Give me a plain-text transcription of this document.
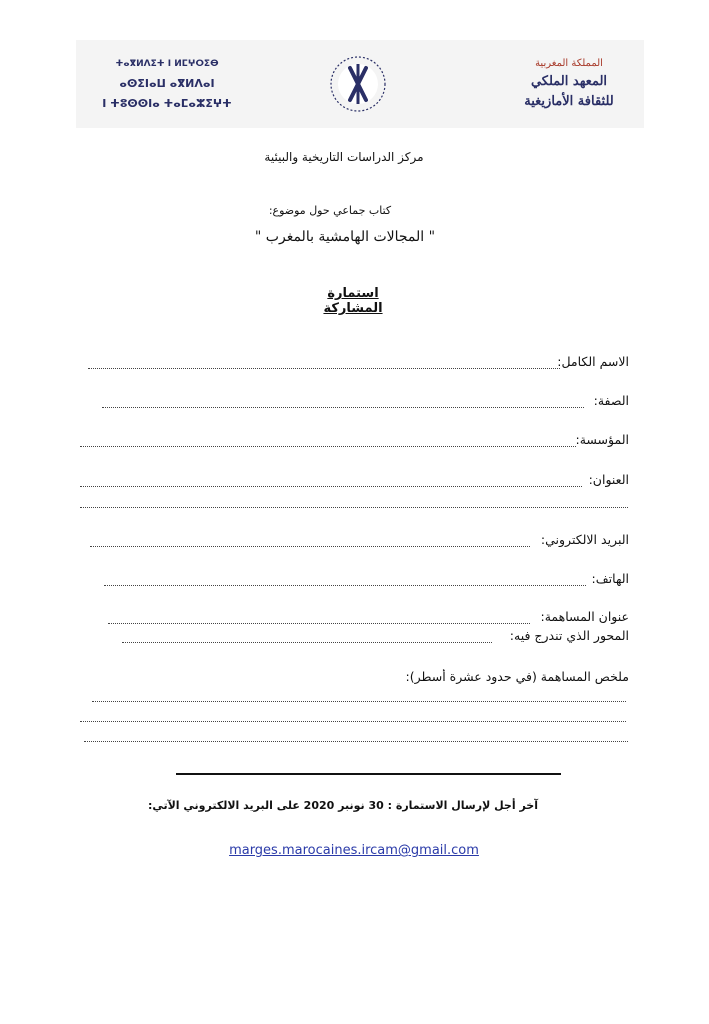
ⵜⴰⴳⵍⴷⵉⵜ ⵏ ⵍⵎⵖⵔⵉⴱ
ⴰⵙⵉⵏⴰⵡ ⴰⴳⵍⴷⴰⵏ
ⵏ ⵜⵓⵙⵙⵏⴰ ⵜⴰⵎⴰⵣⵉⵖⵜ
المملكة المغربية
المعهد الملكي
للثقافة الأمازيغية
مركز الدراسات التاريخية والبيئية
كتاب جماعي حول موضوع:
" المجالات الهامشية بالمغرب "
استمارة المشاركة
الاسم الكامل:
الصفة:
المؤسسة:
العنوان:
البريد الالكتروني:
الهاتف:
عنوان المساهمة:
المحور الذي تندرج فيه:
ملخص المساهمة (في حدود عشرة أسطر):
آخر أجل لإرسال الاستمارة : 30 نونبر 2020 على البريد الالكتروني الآتي:
marges.marocaines.ircam@gmail.com
